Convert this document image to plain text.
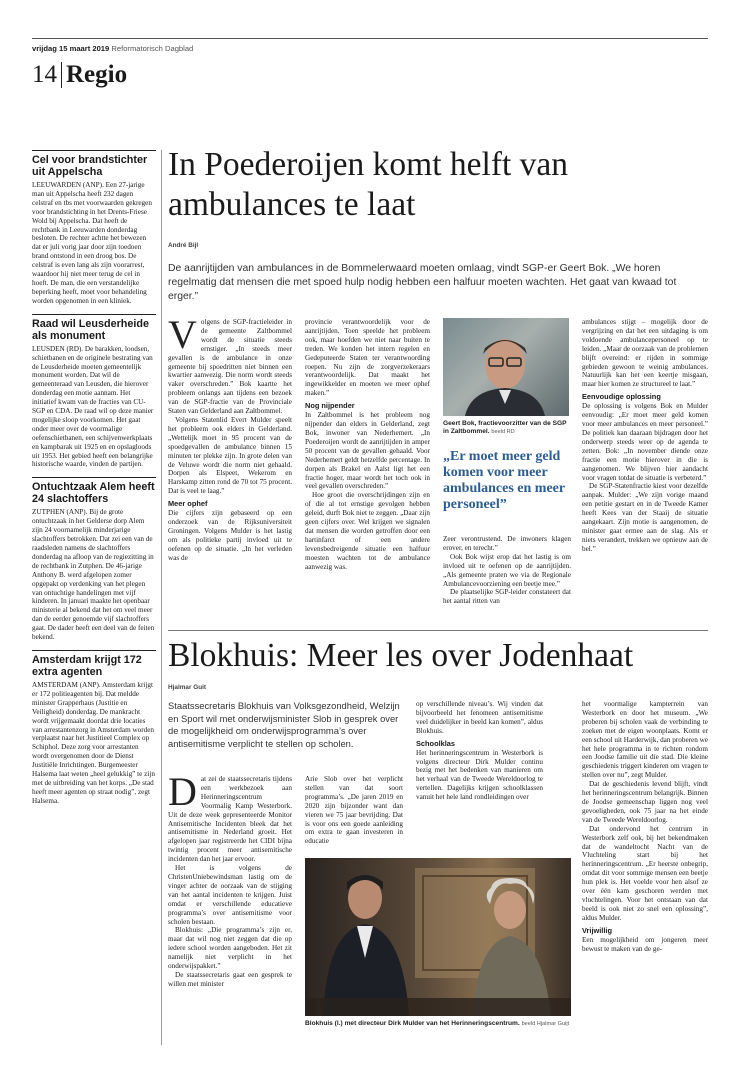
vrijdag 15 maart 2019 Reformatorisch Dagblad
14 Regio
Cel voor brandstichter uit Appelscha

LEEUWARDEN (ANP). Een 27-jarige man uit Appelscha heeft 232 dagen celstraf en tbs met voorwaarden gekregen voor brandstichting in het Drents-Friese Wold bij Appelscha. Dat heeft de rechtbank in Leeuwarden donderdag besloten. De rechter achtte het bewezen dat er juli vorig jaar door zijn toedoen brand ontstond in een droog bos. De celstraf is even lang als zijn voorarrest, waardoor hij niet meer terug de cel in hoeft. De man, die een verstandelijke beperking heeft, moet voor behandeling worden opgenomen in een kliniek.

Raad wil Leusderheide als monument

LEUSDEN (RD). De barakken, loodsen, schietbanen en de originele bestrating van de Leusderheide moeten gemeentelijk monument worden. Dat wil de gemeenteraad van Leusden, die hierover donderdag een motie aannam. Het initiatief kwam van de fracties van CU-SGP en CDA. De raad wil op deze manier mogelijke sloop voorkomen. Het gaat onder meer over de voormalige oefenschietbanen, een schijvenwerkplaats en kampbarak uit 1925 en en opslagloods uit 1953. Het gebied heeft een belangrijke historische waarde, vinden de partijen.

Ontuchtzaak Alem heeft 24 slachtoffers

ZUTPHEN (ANP). Bij de grote ontuchtzaak in het Gelderse dorp Alem zijn 24 voornamelijk minderjarige slachtoffers betrokken. Dat zei een van de raadsleden namens de slachtoffers donderdag na afloop van de regiezitting in de rechtbank in Zutphen. De 46-jarige Anthony B. werd afgelopen zomer opgepakt op verdenking van het plegen van ontuchtige handelingen met vijf kinderen. In januari maakte het openbaar ministerie al bekend dat het om veel meer dan de eerder genoemde vijf slachtoffers gaat. De dader heeft een deel van de feiten bekend.

Amsterdam krijgt 172 extra agenten

AMSTERDAM (ANP). Amsterdam krijgt er 172 politieagenten bij. Dat meldde minister Grapperhaus (Justitie en Veiligheid) donderdag. De mankracht wordt vrijgemaakt doordat drie locaties van arrestantenzorg in Amsterdam worden verplaatst naar het Justitieel Complex op Schiphol. Deze zorg voor arrestanten wordt overgenomen door de Dienst Justitiële Inrichtingen. Burgemeester Halsema laat weten „heel gelukkig” te zijn met de uitbreiding van het korps. „De stad heeft meer agenten op straat nodig”, zegt Halsema.

In Poederoijen komt helft van ambulances te laat
André Bijl

De aanrijtijden van ambulances in de Bommelerwaard moeten omlaag, vindt SGP-er Geert Bok. „We horen regelmatig dat mensen die met spoed hulp nodig hebben een halfuur moeten wachten. Het gaat van kwaad tot erger.”

V olgens de SGP-fractieleider in de gemeente Zaltbommel wordt de situatie steeds ernstiger. „In steeds meer gevallen is de ambulance in onze gemeente bij spoedritten niet binnen een kwartier aanwezig. Die norm wordt steeds vaker overschreden.” Bok kaartte het probleem onlangs aan tijdens een bezoek van de SGP-fractie van de Provinciale Staten van Gelderland aan Zaltbommel.

Volgens Statenlid Evert Mulder speelt het probleem ook elders in Gelderland. „Wettelijk moet in 95 procent van de spoedgevallen de ambulance binnen 15 minuten ter plekke zijn. In grote delen van de Veluwe wordt die norm niet gehaald. Dorpen als Elspeet, Wekerom en Harskamp zitten rond de 70 tot 75 procent. Dat is veel te laag.”

Meer ophef

Die cijfers zijn gebaseerd op een onderzoek van de Rijksuniversiteit Groningen. Volgens Mulder is het lastig om als politieke partij invloed uit te oefenen op de situatie. „In het verleden was de

provincie verantwoordelijk voor de aanrijtijden. Toen speelde het probleem ook, maar hoefden we niet naar buiten te treden. We konden het intern regelen en Gedeputeerde Staten ter verantwoording roepen. Nu zijn de zorgverzekeraars verantwoordelijk. Dat maakt het ingewikkelder en moeten we meer ophef maken.”

Nog nijpender

In Zaltbommel is het probleem nog nijpender dan elders in Gelderland, zegt Bok, inwoner van Nederhemert. „In Poederoijen wordt de aanrijtijden in amper 50 procent van de gevallen gehaald. Voor Nederhemert geldt hetzelfde percentage. In dorpen als Brakel en Aalst ligt het een fractie hoger, maar wordt het toch ook in veel gevallen overschreden.”

Hoe groot die overschrijdingen zijn en of die al tot ernstige gevolgen hebben geleid, durft Bok niet te zeggen. „Daar zijn geen cijfers over. Wel krijgen we signalen dat mensen die worden getroffen door een hartinfarct of een andere levensbedreigende situatie een halfuur moesten wachten tot de ambulance aanwezig was.

Geert Bok, fractievoorzitter van de SGP in Zaltbommel. beeld RD
„Er moet meer geld komen voor meer ambulances en meer personeel”

Zeer verontrustend. De inwoners klagen erover, en terecht.”

Ook Bok wijst erop dat het lastig is om invloed uit te oefenen op de aanrijtijden. „Als gemeente praten we via de Regionale Ambulancevoorziening een beetje mee.”

De plaatselijke SGP-leider constateert dat het aantal ritten van

ambulances stijgt – mogelijk door de vergrijzing en dat het een uitdaging is om voldoende ambulancepersoneel op te leiden. „Maar de oorzaak van de problemen blijft overeind: er rijden in sommige gebieden gewoon te weinig ambulances. Natuurlijk kan het een keertje misgaan, maar hier komen ze structureel te laat.”

Eenvoudige oplossing

De oplossing is volgens Bok en Mulder eenvoudig: „Er moet meer geld komen voor meer ambulances en meer personeel.” De politiek kan daaraan bijdragen door het onderwerp steeds weer op de agenda te zetten. Bok: „In november diende onze fractie een motie hierover in die is aangenomen. We blijven hier aandacht voor vragen totdat de situatie is verbeterd.”

De SGP-Statenfractie kiest voor dezelfde aanpak. Mulder: „We zijn vorige maand een petitie gestart en in de Tweede Kamer heeft Kees van der Staaij de situatie aangekaart. Zijn motie is aangenomen, de minister gaat ermee aan de slag. Als er niets verandert, trekken we opnieuw aan de bel.”

Blokhuis: Meer les over Jodenhaat
Hjalmar Guit

Staatssecretaris Blokhuis van Volksgezondheid, Welzijn en Sport wil met onderwijsminister Slob in gesprek over de mogelijkheid om onderwijsprogramma’s over antisemitisme verplicht te stellen op scholen.

D at zei de staatssecretaris tijdens een werkbezoek aan Herinneringscentrum Voormalig Kamp Westerbork. Uit de deze week gepresenteerde Monitor Antisemitische Incidenten bleek dat het antisemitisme in Nederland groeit. Het afgelopen jaar registreerde het CIDI bijna twintig procent meer antisemitische incidenten dan het jaar ervoor.

Het is volgens de ChristenUniebewindsman lastig om de vinger achter de oorzaak van de stijging van het aantal incidenten te krijgen. Juist omdat er verschillende educatieve programma’s over antisemitisme voor scholen bestaan.

Blokhuis: „Die programma’s zijn er, maar dat wil nog niet zeggen dat die op iedere school worden aangeboden. Het zit namelijk niet verplicht in het onderwijspakket.”

De staatssecretaris gaat een gesprek te willen met minister

Arie Slob over het verplicht stellen van dat soort programma’s. „De jaren 2019 en 2020 zijn bijzonder want dan vieren we 75 jaar bevrijding. Dat is voor ons een goede aanleiding om extra te gaan investeren in educatie

op verschillende niveau’s. Wij vinden dat bijvoorbeeld het fenomeen antisemitisme veel duidelijker in beeld kan komen”, aldus Blokhuis.

Schoolklas

Het herinneringscentrum in Westerbork is volgens directeur Dirk Mulder continu bezig met het bedenken van manieren om het verhaal van de Tweede Wereldoorlog te vertellen. Dagelijks krijgen schoolklassen vanuit het hele land rondleidingen over

het voormalige kampterrein van Westerbork en door het museum. „We proberen bij scholen vaak de verbinding te zoeken met de eigen woonplaats. Komt er een school uit Harderwijk, dan proberen we het hele programma in te richten rondom een Joodse familie uit die stad. Die kleine geschiedenis triggert kinderen om vragen te stellen over nu”, zegt Mulder.

Dat de geschiedenis levend blijft, vindt het herinneringscentrum belangrijk. Binnen de Joodse gemeenschap liggen nog veel gevoeligheden, ook 75 jaar na het einde van de Tweede Wereldoorlog.

Dat ondervond het centrum in Westerbork zelf ook, bij het bekendmaken dat de wandeltocht Nacht van de Vluchteling start bij het herinneringscentrum. „Er heerste onbegrip, omdat dit voor sommige mensen een beetje hun plek is. Het voelde voor hen alsof ze over één kam geschoren werden met vluchtelingen. Voor het ontstaan van dat beeld is ook niet zo snel een oplossing”, aldus Mulder.

Vrijwillig

Een mogelijkheid om jongeren meer bewust te maken van de ge-

Blokhuis (l.) met directeur Dirk Mulder van het Herinneringscentrum. beeld Hjalmar Guijt
